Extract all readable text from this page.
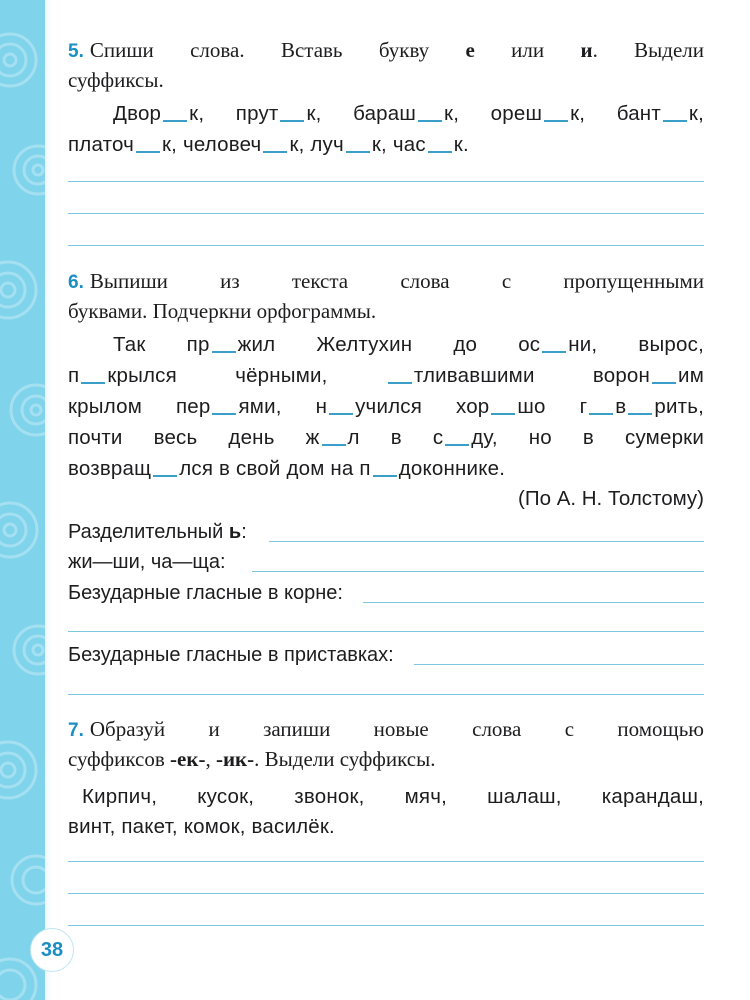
5. Спиши слова. Вставь букву е или и. Выдели
суффиксы.
Двор к, прут к, бараш к, ореш к, бант к,
платоч к, человеч к, луч к, час к.
6. Выпиши из текста слова с пропущенными
буквами. Подчеркни орфограммы.
Так пр жил Желтухин до ос ни, вырос,
п крылся чёрными, тливавшими ворон им
крылом пер ями, н учился хор шо г в рить,
почти весь день ж л в с ду, но в сумерки
возвращ лся в свой дом на п доконнике.
(По А. Н. Толстому)
Разделительный ь:
жи—ши, ча—ща:
Безударные гласные в корне:
Безударные гласные в приставках:
7. Образуй и запиши новые слова с помощью
суффиксов -ек-, -ик-. Выдели суффиксы.
Кирпич, кусок, звонок, мяч, шалаш, карандаш,
винт, пакет, комок, василёк.
38
